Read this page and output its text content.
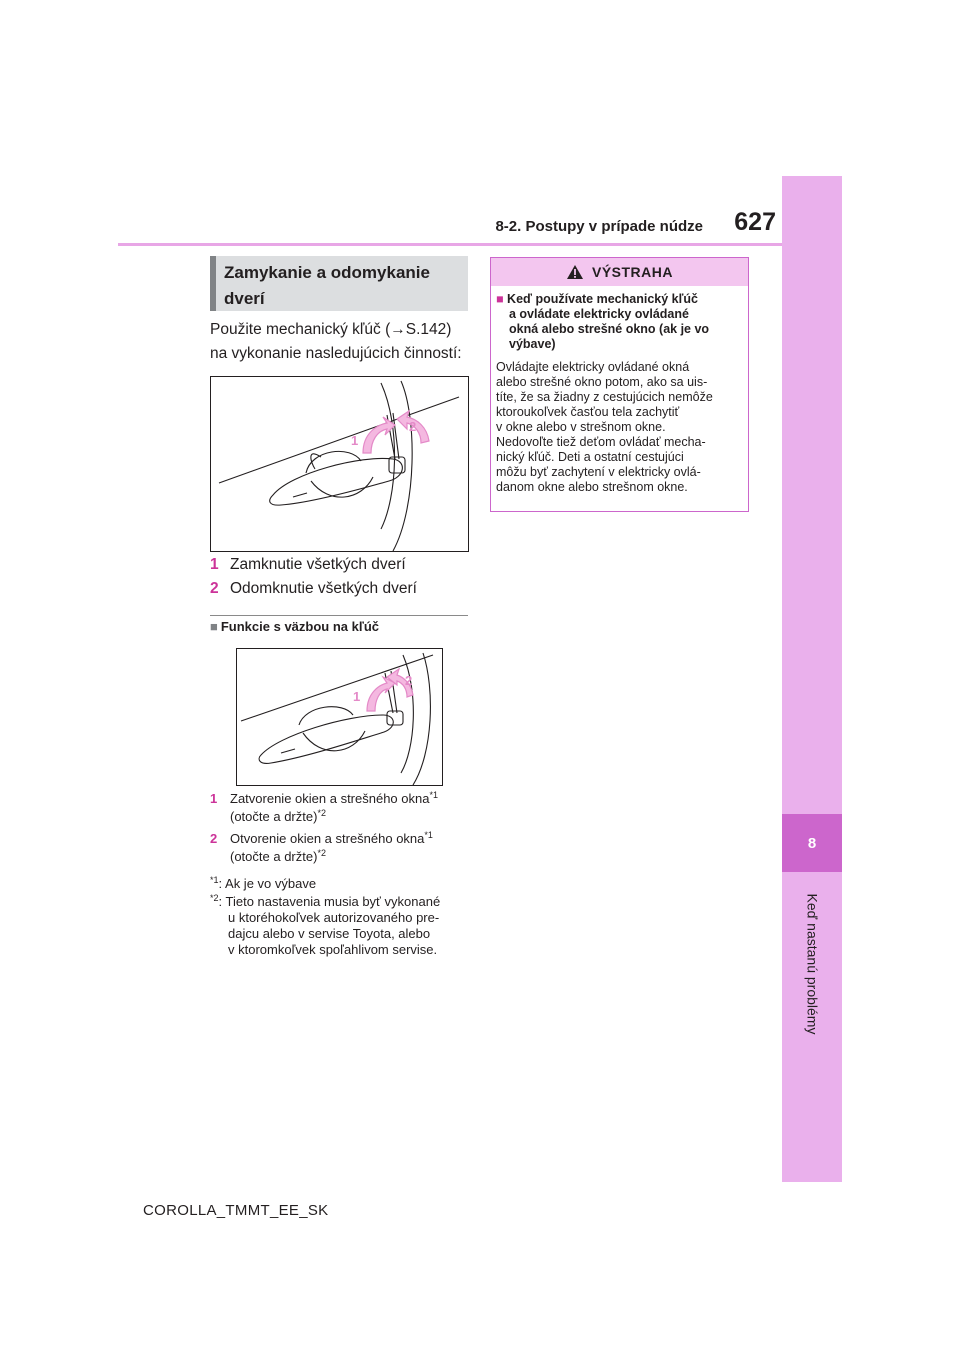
8-2. Postupy v prípade núdze	627
8
Keď nastanú problémy
Zamykanie a odomykanie
dverí
Použite mechanický kľúč (→S.142)
na vykonanie nasledujúcich činností:
1
2
1 Zamknutie všetkých dverí
2 Odomknutie všetkých dverí
■ Funkcie s väzbou na kľúč
1
2
1 Zatvorenie okien a strešného okna$^{*1}$
(otočte a držte)$^{*2}$
2 Otvorenie okien a strešného okna$^{*1}$
(otočte a držte)$^{*2}$
$^{*1}$: Ak je vo výbave
$^{*2}$: Tieto nastavenia musia byť vykonané
u ktoréhokoľvek autorizovaného pre-
dajcu alebo v servise Toyota, alebo
v ktoromkoľvek spoľahlivom servise.
VÝSTRAHA
■ Keď používate mechanický kľúč
a ovládate elektricky ovládané
okná alebo strešné okno (ak je vo
výbave)
Ovládajte elektricky ovládané okná
alebo strešné okno potom, ako sa uis-
títe, že sa žiadny z cestujúcich nemôže
ktoroukoľvek časťou tela zachytiť
v okne alebo v strešnom okne.
Nedovoľte tiež deťom ovládať mecha-
nický kľúč. Deti a ostatní cestujúci
môžu byť zachytení v elektricky ovlá-
danom okne alebo strešnom okne.
COROLLA_TMMT_EE_SK
